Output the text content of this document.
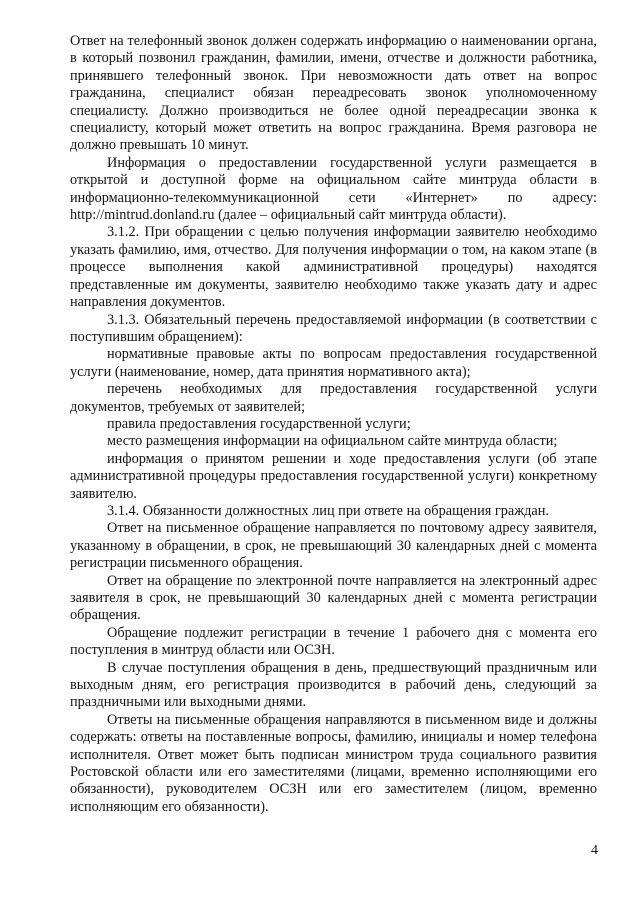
Ответ на телефонный звонок должен содержать информацию о наименовании органа, в который позвонил гражданин, фамилии, имени, отчестве и должности работника, принявшего телефонный звонок. При невозможности дать ответ на вопрос гражданина, специалист обязан переадресовать звонок уполномоченному специалисту. Должно производиться не более одной переадресации звонка к специалисту, который может ответить на вопрос гражданина. Время разговора не должно превышать 10 минут.

Информация о предоставлении государственной услуги размещается в открытой и доступной форме на официальном сайте минтруда области в информационно-телекоммуникационной сети «Интернет» по адресу: http://mintrud.donland.ru (далее – официальный сайт минтруда области).

3.1.2. При обращении с целью получения информации заявителю необходимо указать фамилию, имя, отчество. Для получения информации о том, на каком этапе (в процессе выполнения какой административной процедуры) находятся представленные им документы, заявителю необходимо также указать дату и адрес направления документов.

3.1.3. Обязательный перечень предоставляемой информации (в соответствии с поступившим обращением):

нормативные правовые акты по вопросам предоставления государственной услуги (наименование, номер, дата принятия нормативного акта);

перечень необходимых для предоставления государственной услуги документов, требуемых от заявителей;

правила предоставления государственной услуги;

место размещения информации на официальном сайте минтруда области;

информация о принятом решении и ходе предоставления услуги (об этапе административной процедуры предоставления государственной услуги) конкретному заявителю.

3.1.4. Обязанности должностных лиц при ответе на обращения граждан.

Ответ на письменное обращение направляется по почтовому адресу заявителя, указанному в обращении, в срок, не превышающий 30 календарных дней с момента регистрации письменного обращения.

Ответ на обращение по электронной почте направляется на электронный адрес заявителя в срок, не превышающий 30 календарных дней с момента регистрации обращения.

Обращение подлежит регистрации в течение 1 рабочего дня с момента его поступления в минтруд области или ОСЗН.

В случае поступления обращения в день, предшествующий праздничным или выходным дням, его регистрация производится в рабочий день, следующий за праздничными или выходными днями.

Ответы на письменные обращения направляются в письменном виде и должны содержать: ответы на поставленные вопросы, фамилию, инициалы и номер телефона исполнителя. Ответ может быть подписан министром труда социального развития Ростовской области или его заместителями (лицами, временно исполняющими его обязанности), руководителем ОСЗН или его заместителем (лицом, временно исполняющим его обязанности).

4
